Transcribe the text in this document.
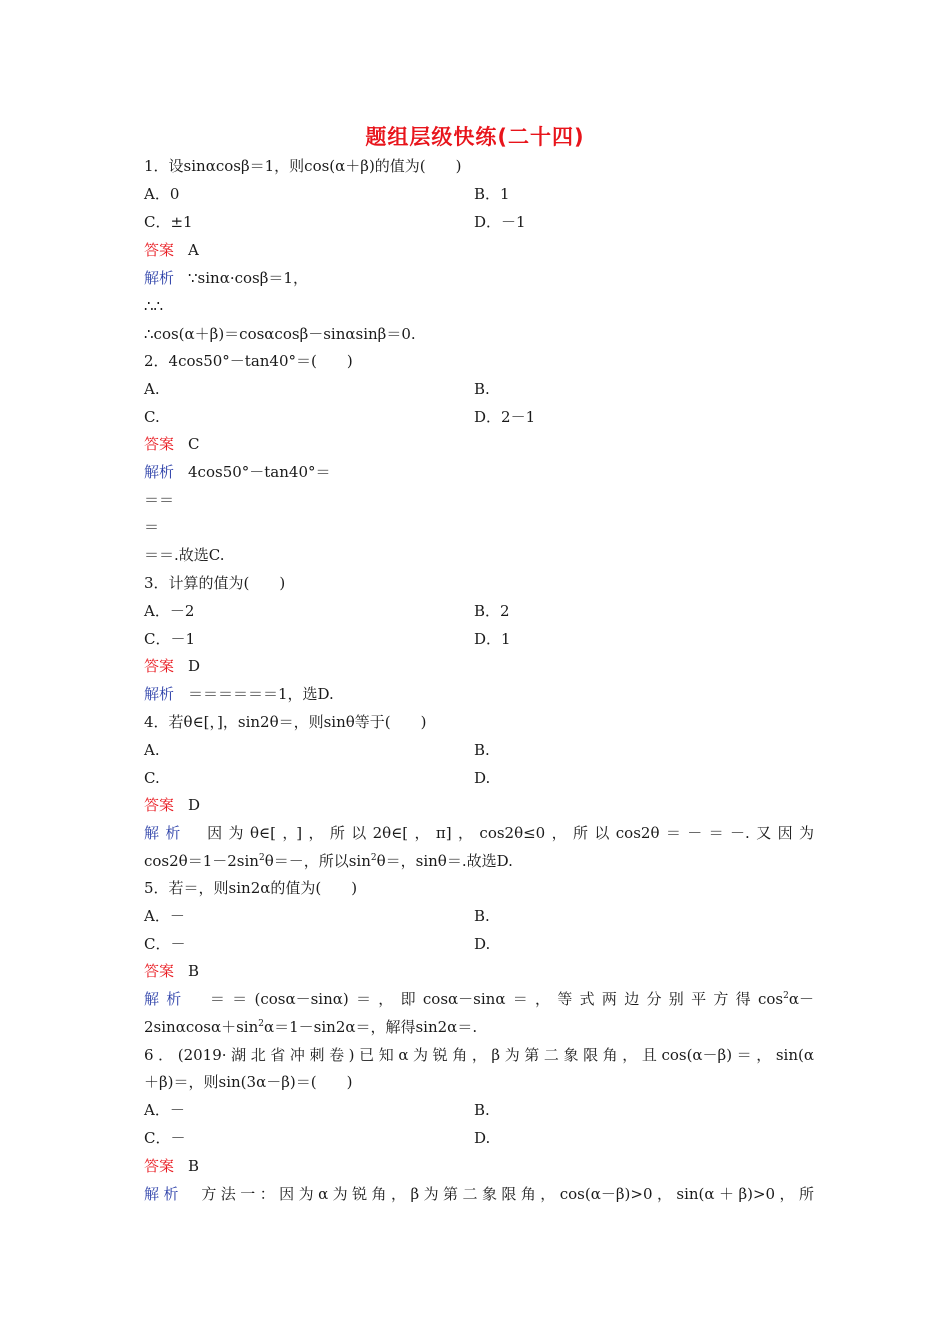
题组层级快练(二十四)
1．设sinαcosβ＝1，则cos(α＋β)的值为(　　)
A．0	B．1
C．±1	D．－1
答案 A
解析 ∵sinα·cosβ＝1，
∴∴
∴cos(α＋β)＝cosαcosβ－sinαsinβ＝0.
2．4cos50°－tan40°＝(　　)
A.	B.
C.	D．2－1
答案 C
解析 4cos50°－tan40°＝
＝＝
＝
＝＝.故选C.
3．计算的值为(　　)
A．－2	B．2
C．－1	D．1
答案 D
解析 ＝＝＝＝＝＝1，选D.
4．若θ∈[，]，sin2θ＝，则sinθ等于(　　)
A.	B.
C.	D.
答案 D
解析 因为θ∈[，]，所以2θ∈[，π]，cos2θ≤0，所以cos2θ＝－＝－.又因为
$\cos 2\theta=1-2\sin^2\theta=-$，所以$\sin^2\theta=$，sinθ＝.故选D.
5．若＝，则sin2α的值为(　　)
A．－	B.
C．－	D.
答案 B
解析 ＝＝(cosα－sinα)＝，即cosα－sinα＝，等式两边分别平方得$\cos^2\alpha-$
$2\sin\alpha\cos\alpha+\sin^2\alpha=1-\sin 2\alpha=$，解得sin2α＝.
6．(2019·湖北省冲刺卷)已知α为锐角，β为第二象限角，且cos(α－β)＝，sin(α
＋β)＝，则sin(3α－β)＝(　　)
A．－	B.
C．－	D.
答案 B
解析 方法一：因为α为锐角，β为第二象限角，cos(α－β)>0，sin(α＋β)>0，所
